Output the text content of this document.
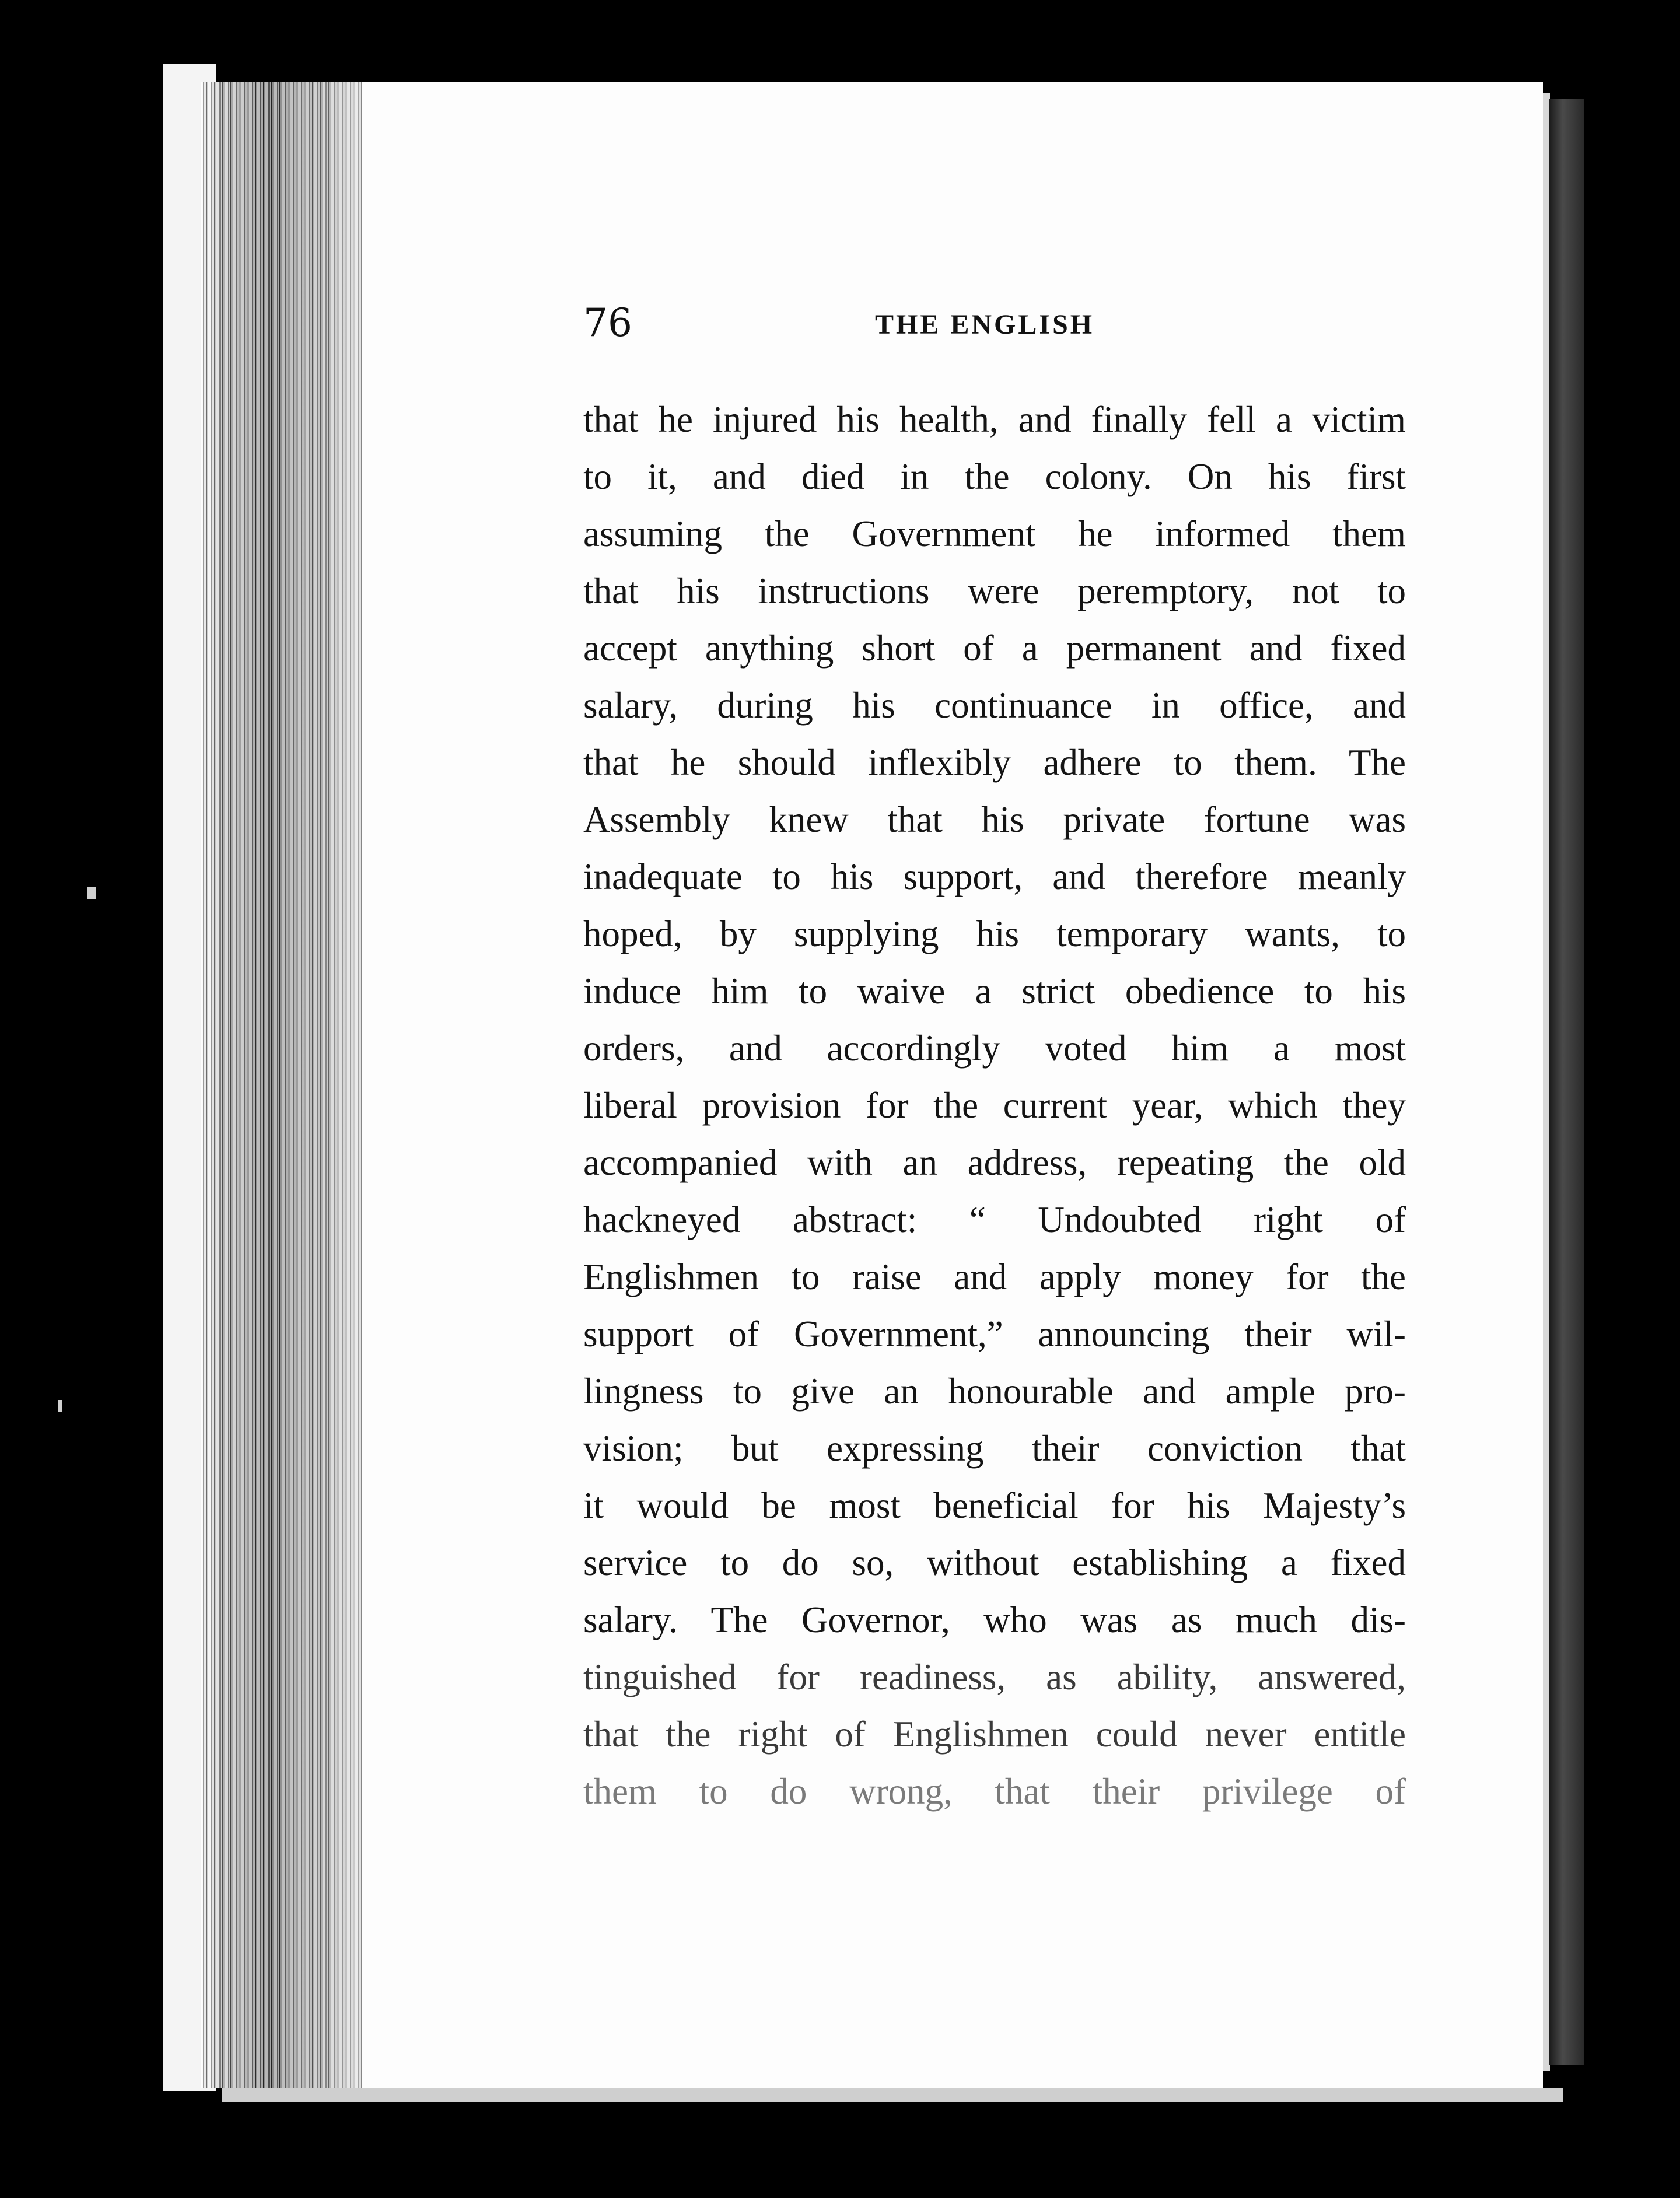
76	THE ENGLISH
that he injured his health, and finally fell a victim
to it, and died in the colony. On his first
assuming the Government he informed them
that his instructions were peremptory, not to
accept anything short of a permanent and fixed
salary, during his continuance in office, and
that he should inflexibly adhere to them. The
Assembly knew that his private fortune was
inadequate to his support, and therefore meanly
hoped, by supplying his temporary wants, to
induce him to waive a strict obedience to his
orders, and accordingly voted him a most
liberal provision for the current year, which they
accompanied with an address, repeating the old
hackneyed abstract: “ Undoubted right of
Englishmen to raise and apply money for the
support of Government,” announcing their wil-
lingness to give an honourable and ample pro-
vision; but expressing their conviction that
it would be most beneficial for his Majesty’s
service to do so, without establishing a fixed
salary. The Governor, who was as much dis-
tinguished for readiness, as ability, answered,
that the right of Englishmen could never entitle
them to do wrong, that their privilege of
